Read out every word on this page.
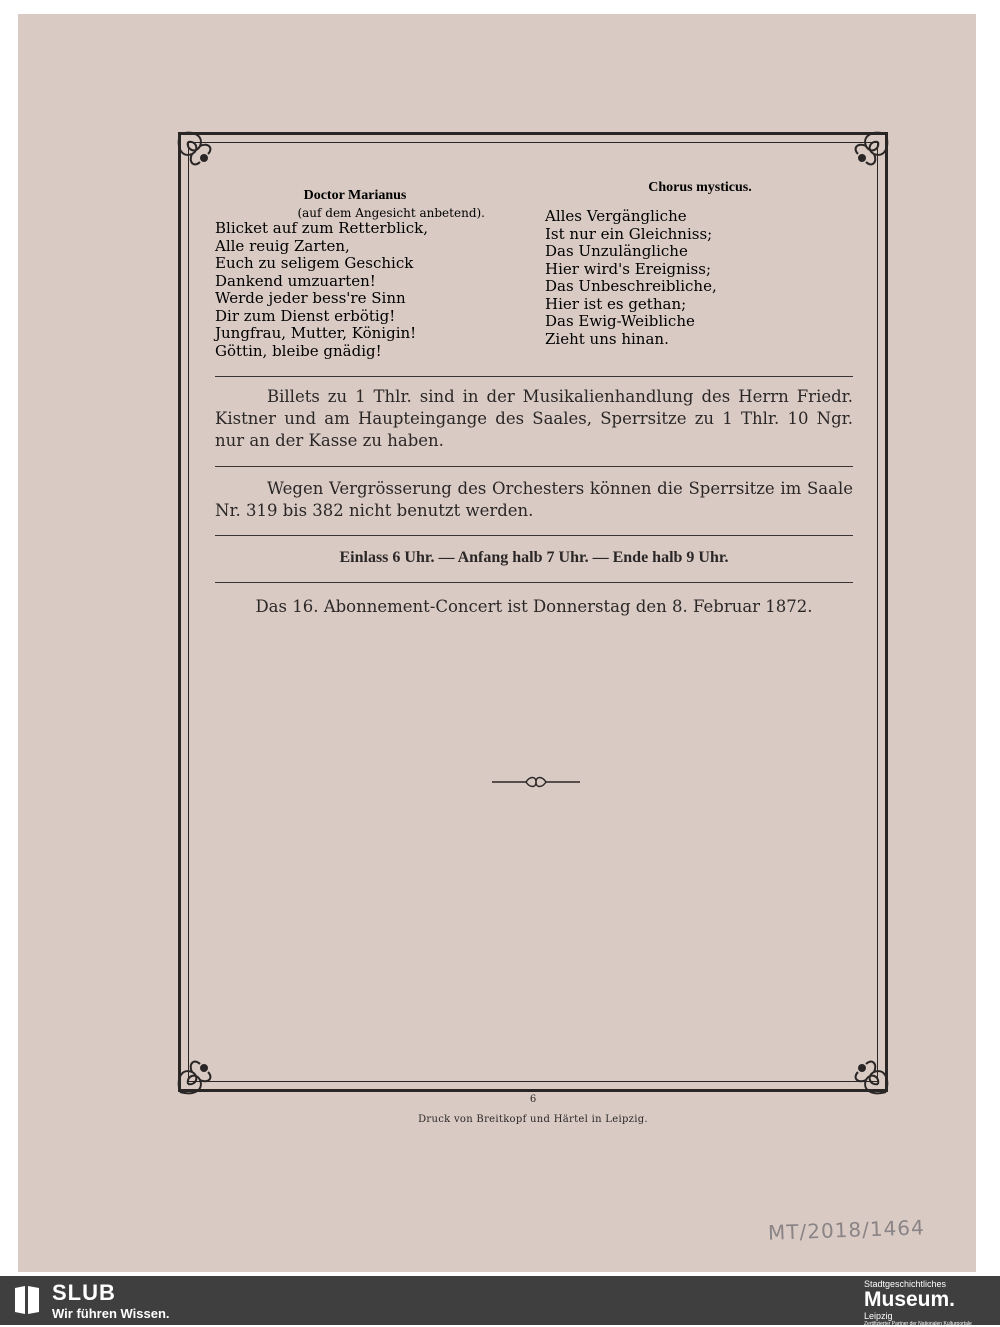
Doctor Marianus
(auf dem Angesicht anbetend).
Blicket auf zum Retterblick,
Alle reuig Zarten,
Euch zu seligem Geschick
Dankend umzuarten!
Werde jeder bess're Sinn
Dir zum Dienst erbötig!
Jungfrau, Mutter, Königin!
Göttin, bleibe gnädig!
Chorus mysticus.
Alles Vergängliche
Ist nur ein Gleichniss;
Das Unzulängliche
Hier wird's Ereigniss;
Das Unbeschreibliche,
Hier ist es gethan;
Das Ewig-Weibliche
Zieht uns hinan.
Billets zu 1 Thlr. sind in der Musikalienhandlung des Herrn Friedr. Kistner und am Haupteingange des Saales, Sperrsitze zu 1 Thlr. 10 Ngr. nur an der Kasse zu haben.
Wegen Vergrösserung des Orchesters können die Sperrsitze im Saale Nr. 319 bis 382 nicht benutzt werden.
Einlass 6 Uhr. — Anfang halb 7 Uhr. — Ende halb 9 Uhr.
Das 16. Abonnement-Concert ist Donnerstag den 8. Februar 1872.
6
Druck von Breitkopf und Härtel in Leipzig.
MT/2018/1464
SLUB
Wir führen Wissen.
Stadtgeschichtliches
Museum.
Leipzig
Zertifizierter Partner der Nationalen Kulturportale
